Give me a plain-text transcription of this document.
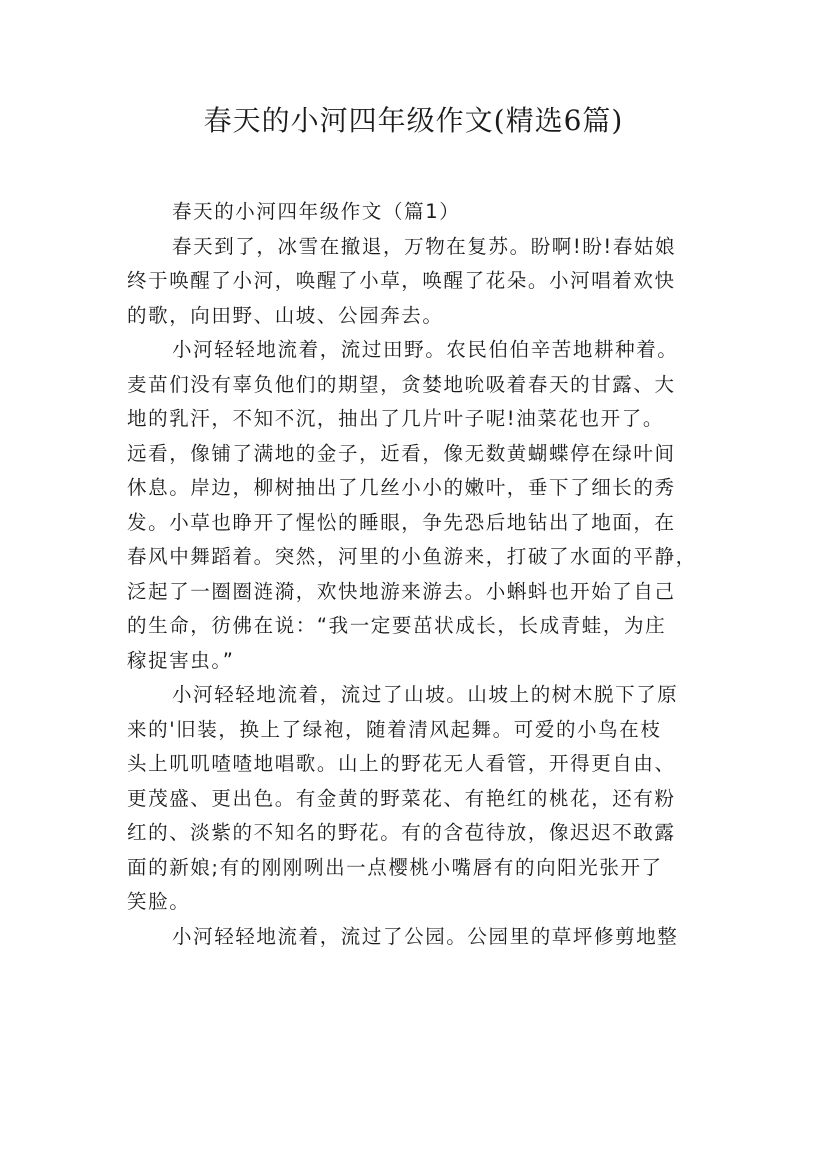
春天的小河四年级作文(精选6篇)
春天的小河四年级作文（篇1）
春天到了，冰雪在撤退，万物在复苏。盼啊!盼!春姑娘
终于唤醒了小河，唤醒了小草，唤醒了花朵。小河唱着欢快
的歌，向田野、山坡、公园奔去。
小河轻轻地流着，流过田野。农民伯伯辛苦地耕种着。
麦苗们没有辜负他们的期望，贪婪地吮吸着春天的甘露、大
地的乳汗，不知不沉，抽出了几片叶子呢!油菜花也开了。
远看，像铺了满地的金子，近看，像无数黄蝴蝶停在绿叶间
休息。岸边，柳树抽出了几丝小小的嫩叶，垂下了细长的秀
发。小草也睁开了惺忪的睡眼，争先恐后地钻出了地面，在
春风中舞蹈着。突然，河里的小鱼游来，打破了水面的平静，
泛起了一圈圈涟漪，欢快地游来游去。小蝌蚪也开始了自己
的生命，彷佛在说：“我一定要茁状成长，长成青蛙，为庄
稼捉害虫。”
小河轻轻地流着，流过了山坡。山坡上的树木脱下了原
来的'旧装，换上了绿袍，随着清风起舞。可爱的小鸟在枝
头上叽叽喳喳地唱歌。山上的野花无人看管，开得更自由、
更茂盛、更出色。有金黄的野菜花、有艳红的桃花，还有粉
红的、淡紫的不知名的野花。有的含苞待放，像迟迟不敢露
面的新娘;有的刚刚咧出一点樱桃小嘴唇有的向阳光张开了
笑脸。
小河轻轻地流着，流过了公园。公园里的草坪修剪地整
